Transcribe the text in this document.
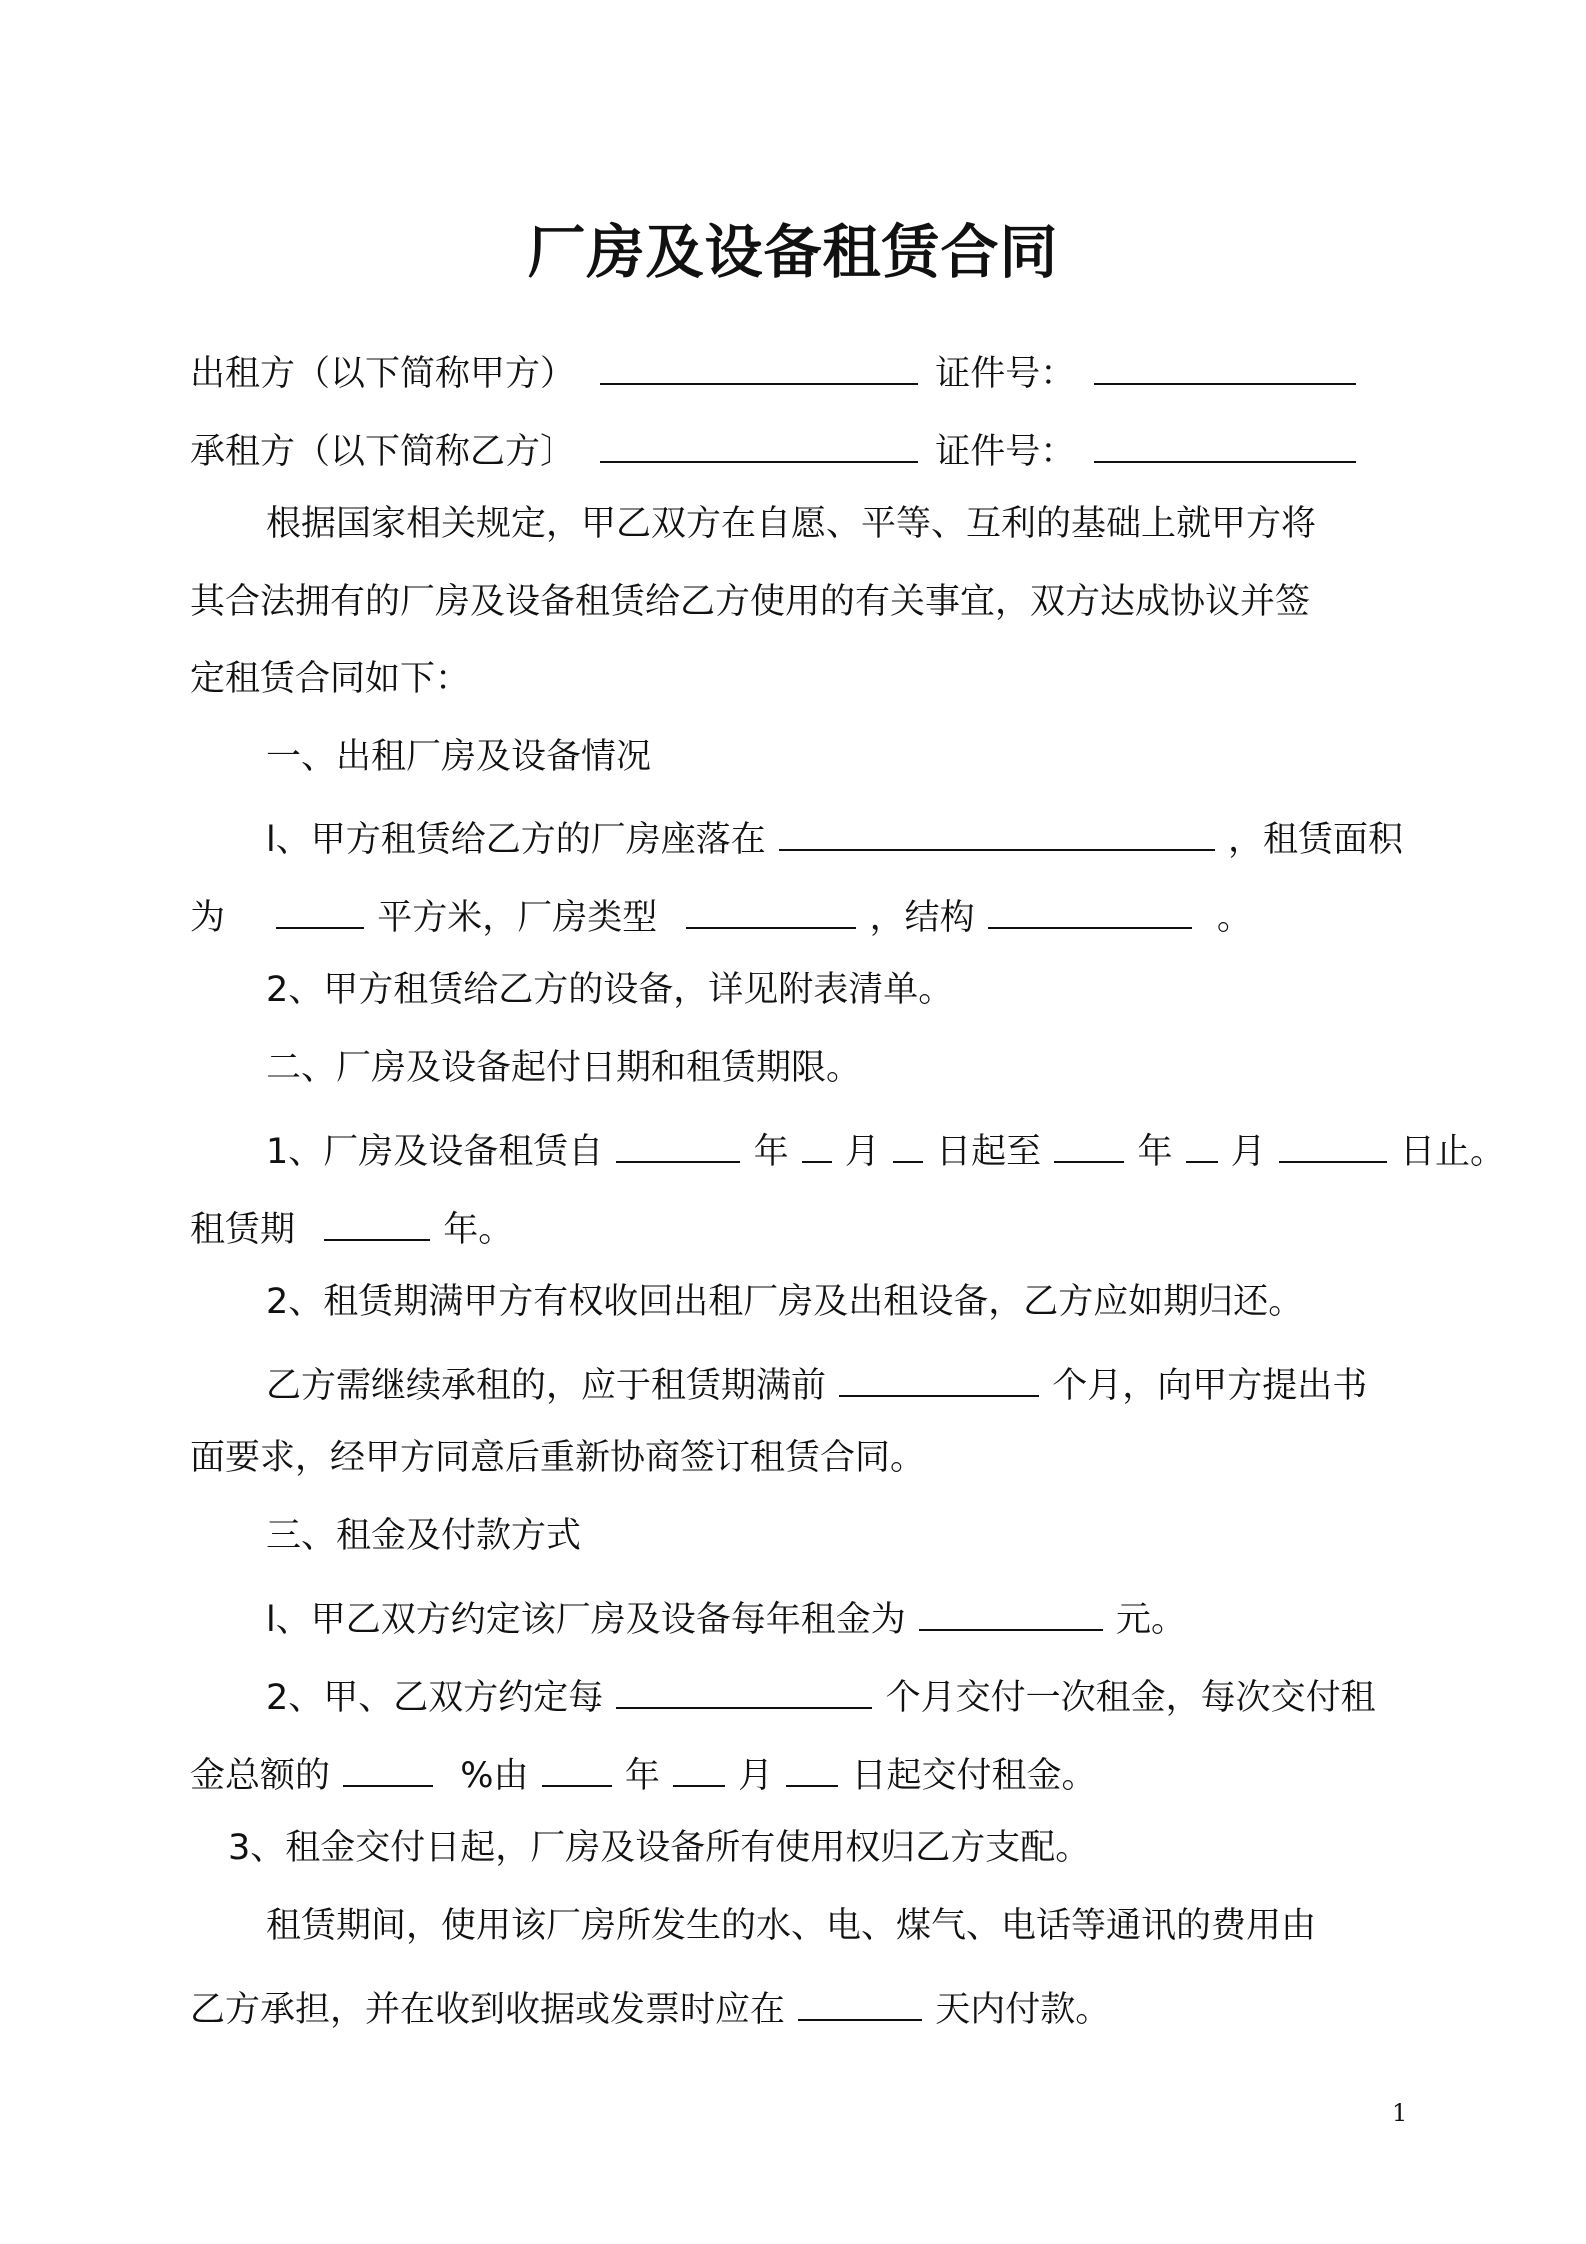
厂房及设备租赁合同
出租方（以下简称甲方）	证件号：
承租方（以下简称乙方〕	证件号：
根据国家相关规定，甲乙双方在自愿、平等、互利的基础上就甲方将
其合法拥有的厂房及设备租赁给乙方使用的有关事宜，双方达成协议并签
定租赁合同如下：
一、出租厂房及设备情况
l、甲方租赁给乙方的厂房座落在	，租赁面积
为	平方米，厂房类型	，结构	。
2、甲方租赁给乙方的设备，详见附表清单。
二、厂房及设备起付日期和租赁期限。
1、厂房及设备租赁自	年 月 日起至	年 月	日止。
租赁期	年。
2、租赁期满甲方有权收回出租厂房及出租设备，乙方应如期归还。
乙方需继续承租的，应于租赁期满前	个月，向甲方提出书
面要求，经甲方同意后重新协商签订租赁合同。
三、租金及付款方式
l、甲乙双方约定该厂房及设备每年租金为	元。
2、甲、乙双方约定每	个月交付一次租金，每次交付租
金总额的	%由	年 月 日起交付租金。
3、租金交付日起，厂房及设备所有使用权归乙方支配。
租赁期间，使用该厂房所发生的水、电、煤气、电话等通讯的费用由
乙方承担，并在收到收据或发票时应在	天内付款。
1
